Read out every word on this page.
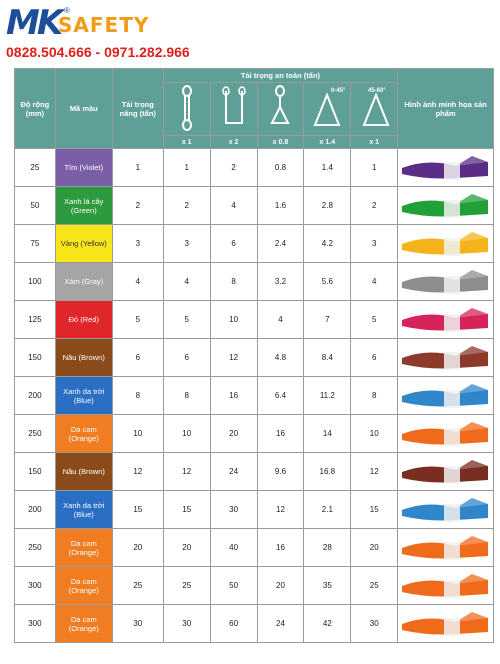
MK ®
SAFETY
0828.504.666 - 0971.282.966
Độ rộng (mm)	Mã màu	Tải trọng nâng (tấn)	Tải trọng an toàn (tấn)					Hình ảnh minh họa sản phẩm

0-45°	45-60°	

			x 1	x 2	x 0.8	x 1.4	x 1	
25	Tím (Violet)	1	1	2	0.8	1.4	1	

50	Xanh lá cây (Green)	2	2	4	1.6	2.8	2	

75	Vàng (Yellow)	3	3	6	2.4	4.2	3	

100	Xám (Gray)	4	4	8	3.2	5.6	4	

125	Đỏ (Red)	5	5	10	4	7	5	

150	Nâu (Brown)	6	6	12	4.8	8.4	6	

200	Xanh da trời (Blue)	8	8	16	6.4	11.2	8	

250	Da cam (Orange)	10	10	20	16	14	10	

150	Nâu (Brown)	12	12	24	9.6	16.8	12	

200	Xanh da trời (Blue)	15	15	30	12	2.1	15	

250	Da cam (Orange)	20	20	40	16	28	20	

300	Da cam (Orange)	25	25	50	20	35	25	

300	Da cam (Orange)	30	30	60	24	42	30	
